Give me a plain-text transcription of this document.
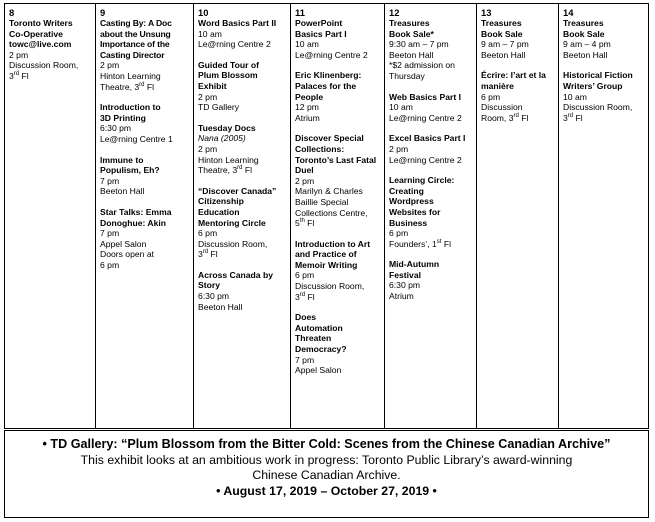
8
Toronto Writers Co-Operative towc@live.com
2 pm
Discussion Room,
3rd Fl
9
Casting By: A Doc about the Unsung Importance of the Casting Director
2 pm
Hinton Learning
Theatre, 3rd Fl
Introduction to 3D Printing
6:30 pm
Le@rning Centre 1
Immune to Populism, Eh?
7 pm
Beeton Hall
Star Talks: Emma Donoghue: Akin
7 pm
Appel Salon
Doors open at
6 pm
10
Word Basics Part II
10 am
Le@rning Centre 2
Guided Tour of Plum Blossom Exhibit
2 pm
TD Gallery
Tuesday Docs
Nana (2005)
2 pm
Hinton Learning
Theatre, 3rd Fl
“Discover Canada” Citizenship Education Mentoring Circle
6 pm
Discussion Room,
3rd Fl
Across Canada by Story
6:30 pm
Beeton Hall
11
PowerPoint Basics Part I
10 am
Le@rning Centre 2
Eric Klinenberg: Palaces for the People
12 pm
Atrium
Discover Special Collections: Toronto’s Last Fatal Duel
2 pm
Marilyn & Charles
Baillie Special
Collections Centre,
5th Fl
Introduction to Art and Practice of Memoir Writing
6 pm
Discussion Room,
3rd Fl
Does Automation Threaten Democracy?
7 pm
Appel Salon
12
Treasures Book Sale*
9:30 am – 7 pm
Beeton Hall
*$2 admission on
Thursday
Web Basics Part I
10 am
Le@rning Centre 2
Excel Basics Part I
2 pm
Le@rning Centre 2
Learning Circle: Creating Wordpress Websites for Business
6 pm
Founders’, 1st Fl
Mid-Autumn Festival
6:30 pm
Atrium
13
Treasures Book Sale
9 am – 7 pm
Beeton Hall
Écrire: l’art et la manière
6 pm
Discussion
Room, 3rd Fl
14
Treasures Book Sale
9 am – 4 pm
Beeton Hall
Historical Fiction Writers’ Group
10 am
Discussion Room,
3rd Fl
• TD Gallery: “Plum Blossom from the Bitter Cold: Scenes from the Chinese Canadian Archive”
This exhibit looks at an ambitious work in progress: Toronto Public Library’s award-winning
Chinese Canadian Archive.
• August 17, 2019 – October 27, 2019 •
